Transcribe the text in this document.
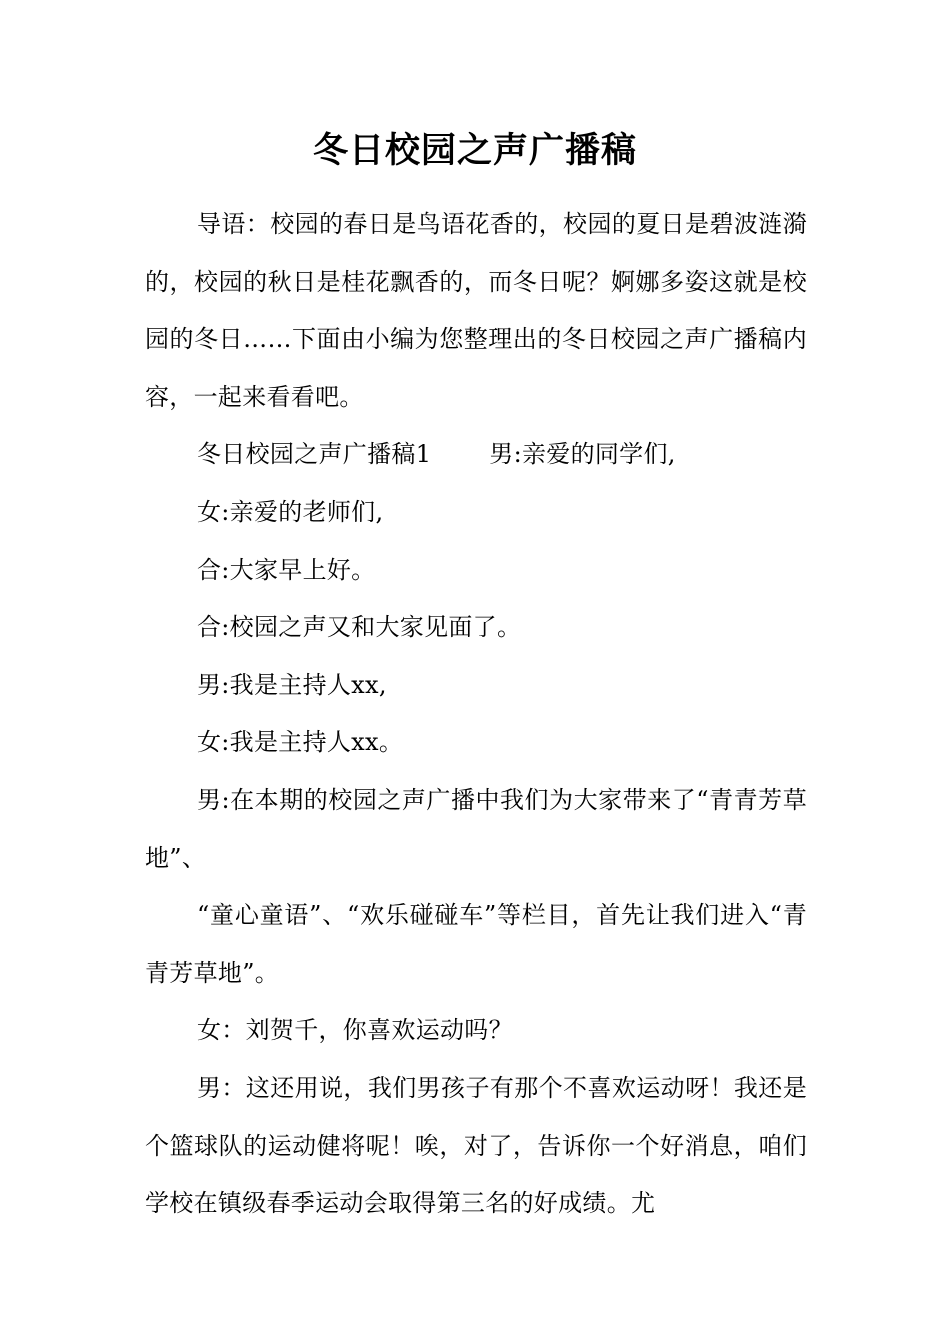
冬日校园之声广播稿

导语：校园的春日是鸟语花香的，校园的夏日是碧波涟漪的，校园的秋日是桂花飘香的，而冬日呢？婀娜多姿这就是校园的冬日……下面由小编为您整理出的冬日校园之声广播稿内容，一起来看看吧。

冬日校园之声广播稿1 男:亲爱的同学们,

女:亲爱的老师们,

合:大家早上好。

合:校园之声又和大家见面了。

男:我是主持人xx,

女:我是主持人xx。

男:在本期的校园之声广播中我们为大家带来了“青青芳草地”、

“童心童语”、“欢乐碰碰车”等栏目，首先让我们进入“青青芳草地”。

女：刘贺千，你喜欢运动吗？

男：这还用说，我们男孩子有那个不喜欢运动呀！我还是个篮球队的运动健将呢！唉，对了，告诉你一个好消息，咱们学校在镇级春季运动会取得第三名的好成绩。尤
